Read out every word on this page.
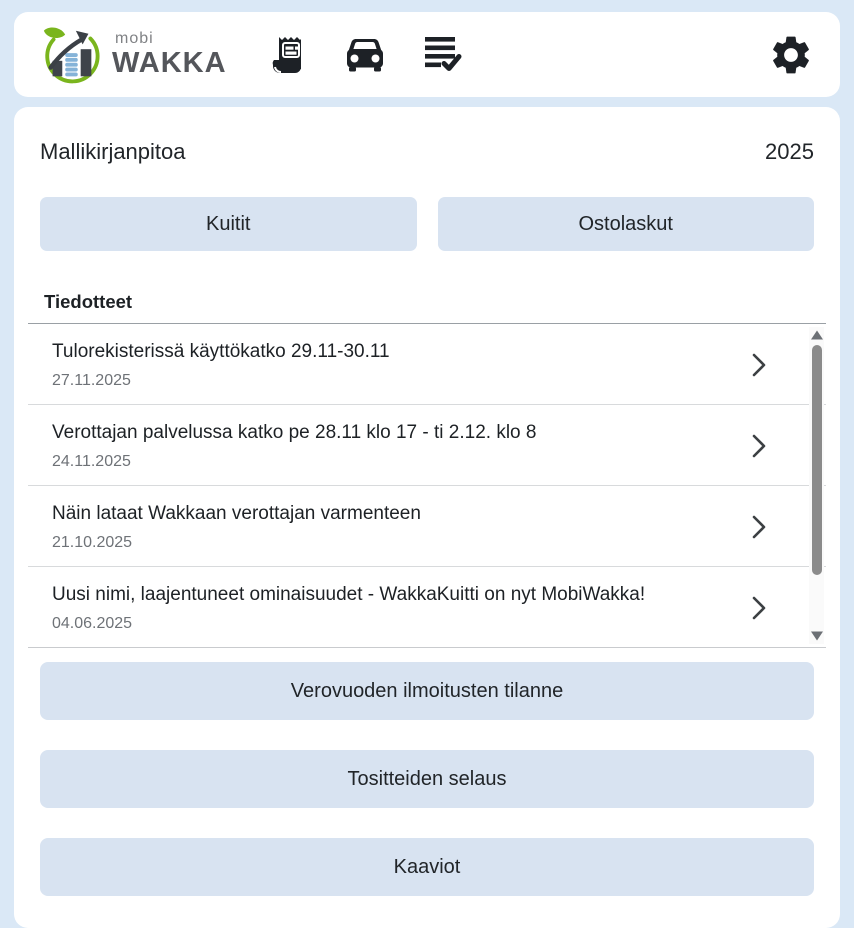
mobi
WAKKA
Mallikirjanpitoa	2025
Kuitit	Ostolaskut
Tiedotteet
Tulorekisterissä käyttökatko 29.11-30.11
27.11.2025
Verottajan palvelussa katko pe 28.11 klo 17 - ti 2.12. klo 8
24.11.2025
Näin lataat Wakkaan verottajan varmenteen
21.10.2025
Uusi nimi, laajentuneet ominaisuudet - WakkaKuitti on nyt MobiWakka!
04.06.2025
Verovuoden ilmoitusten tilanne
Tositteiden selaus
Kaaviot
